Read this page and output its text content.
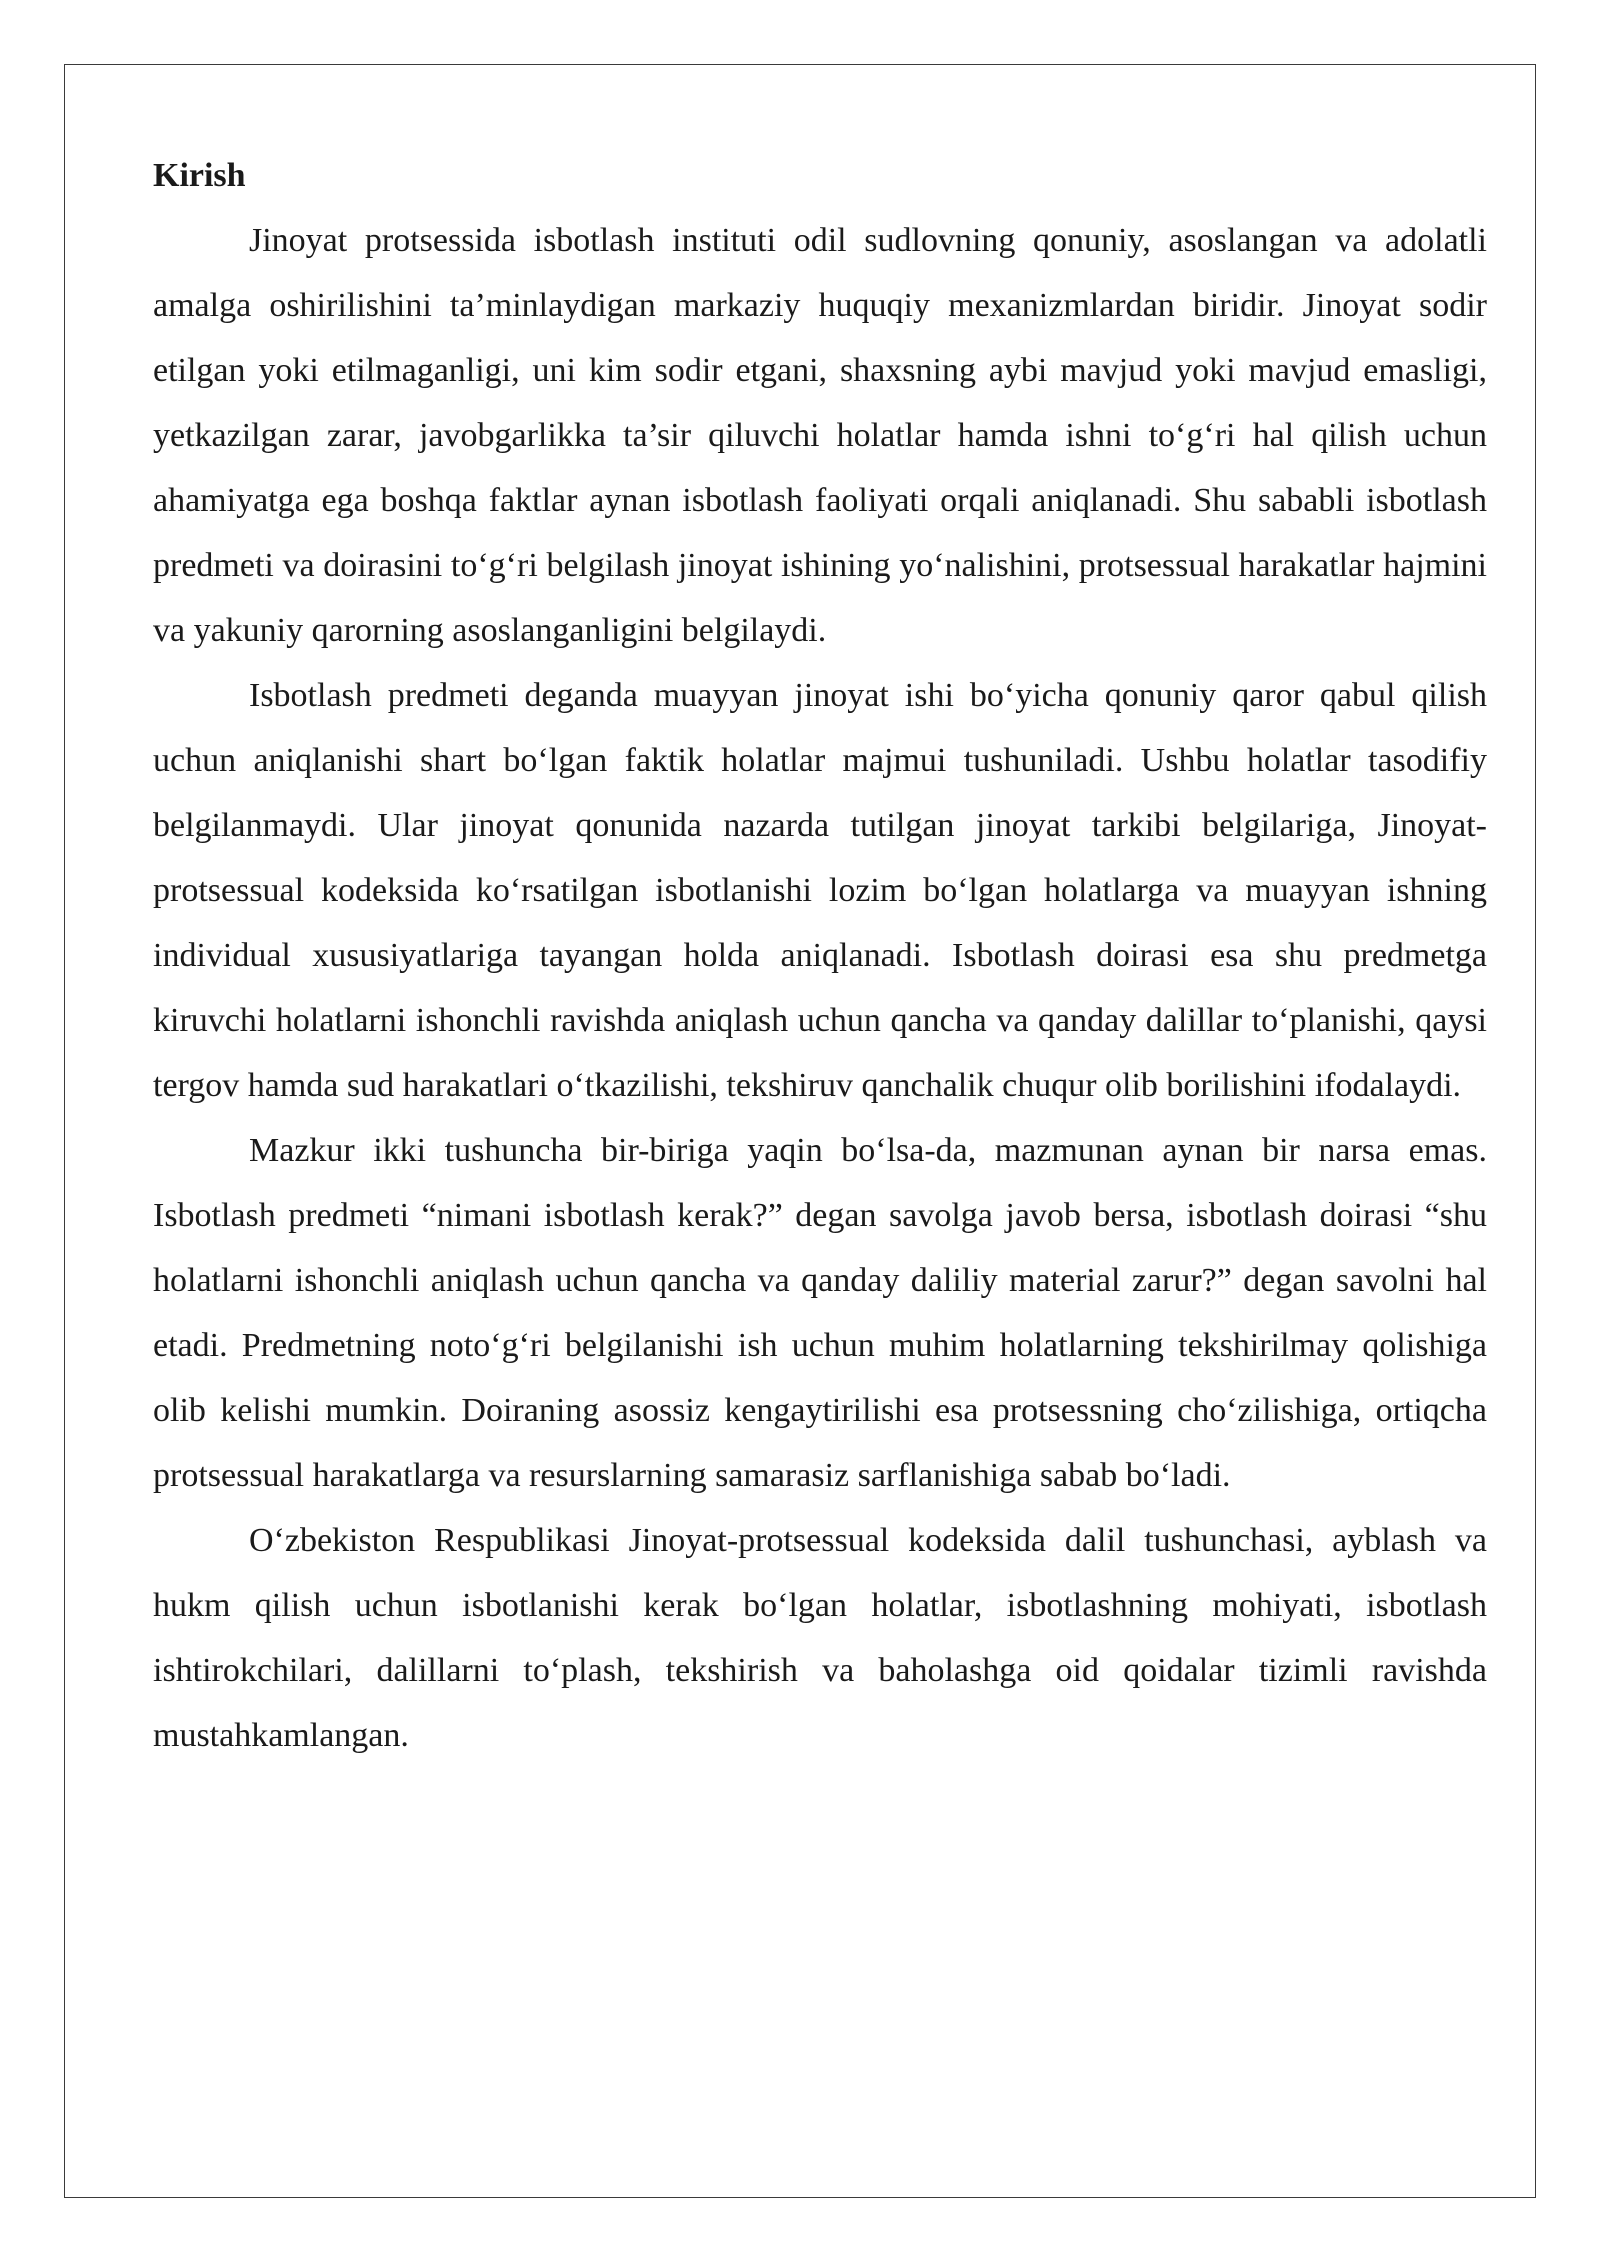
Kirish

Jinoyat protsessida isbotlash instituti odil sudlovning qonuniy, asoslangan va adolatli amalga oshirilishini ta’minlaydigan markaziy huquqiy mexanizmlardan biridir. Jinoyat sodir etilgan yoki etilmaganligi, uni kim sodir etgani, shaxsning aybi mavjud yoki mavjud emasligi, yetkazilgan zarar, javobgarlikka ta’sir qiluvchi holatlar hamda ishni toʻgʻri hal qilish uchun ahamiyatga ega boshqa faktlar aynan isbotlash faoliyati orqali aniqlanadi. Shu sababli isbotlash predmeti va doirasini toʻgʻri belgilash jinoyat ishining yoʻnalishini, protsessual harakatlar hajmini va yakuniy qarorning asoslanganligini belgilaydi.

Isbotlash predmeti deganda muayyan jinoyat ishi boʻyicha qonuniy qaror qabul qilish uchun aniqlanishi shart boʻlgan faktik holatlar majmui tushuniladi. Ushbu holatlar tasodifiy belgilanmaydi. Ular jinoyat qonunida nazarda tutilgan jinoyat tarkibi belgilariga, Jinoyat-protsessual kodeksida koʻrsatilgan isbotlanishi lozim boʻlgan holatlarga va muayyan ishning individual xususiyatlariga tayangan holda aniqlanadi. Isbotlash doirasi esa shu predmetga kiruvchi holatlarni ishonchli ravishda aniqlash uchun qancha va qanday dalillar toʻplanishi, qaysi tergov hamda sud harakatlari oʻtkazilishi, tekshiruv qanchalik chuqur olib borilishini ifodalaydi.

Mazkur ikki tushuncha bir-biriga yaqin boʻlsa-da, mazmunan aynan bir narsa emas. Isbotlash predmeti “nimani isbotlash kerak?” degan savolga javob bersa, isbotlash doirasi “shu holatlarni ishonchli aniqlash uchun qancha va qanday daliliy material zarur?” degan savolni hal etadi. Predmetning notoʻgʻri belgilanishi ish uchun muhim holatlarning tekshirilmay qolishiga olib kelishi mumkin. Doiraning asossiz kengaytirilishi esa protsessning choʻzilishiga, ortiqcha protsessual harakatlarga va resurslarning samarasiz sarflanishiga sabab boʻladi.

Oʻzbekiston Respublikasi Jinoyat-protsessual kodeksida dalil tushunchasi, ayblash va hukm qilish uchun isbotlanishi kerak boʻlgan holatlar, isbotlashning mohiyati, isbotlash ishtirokchilari, dalillarni toʻplash, tekshirish va baholashga oid qoidalar tizimli ravishda mustahkamlangan.
